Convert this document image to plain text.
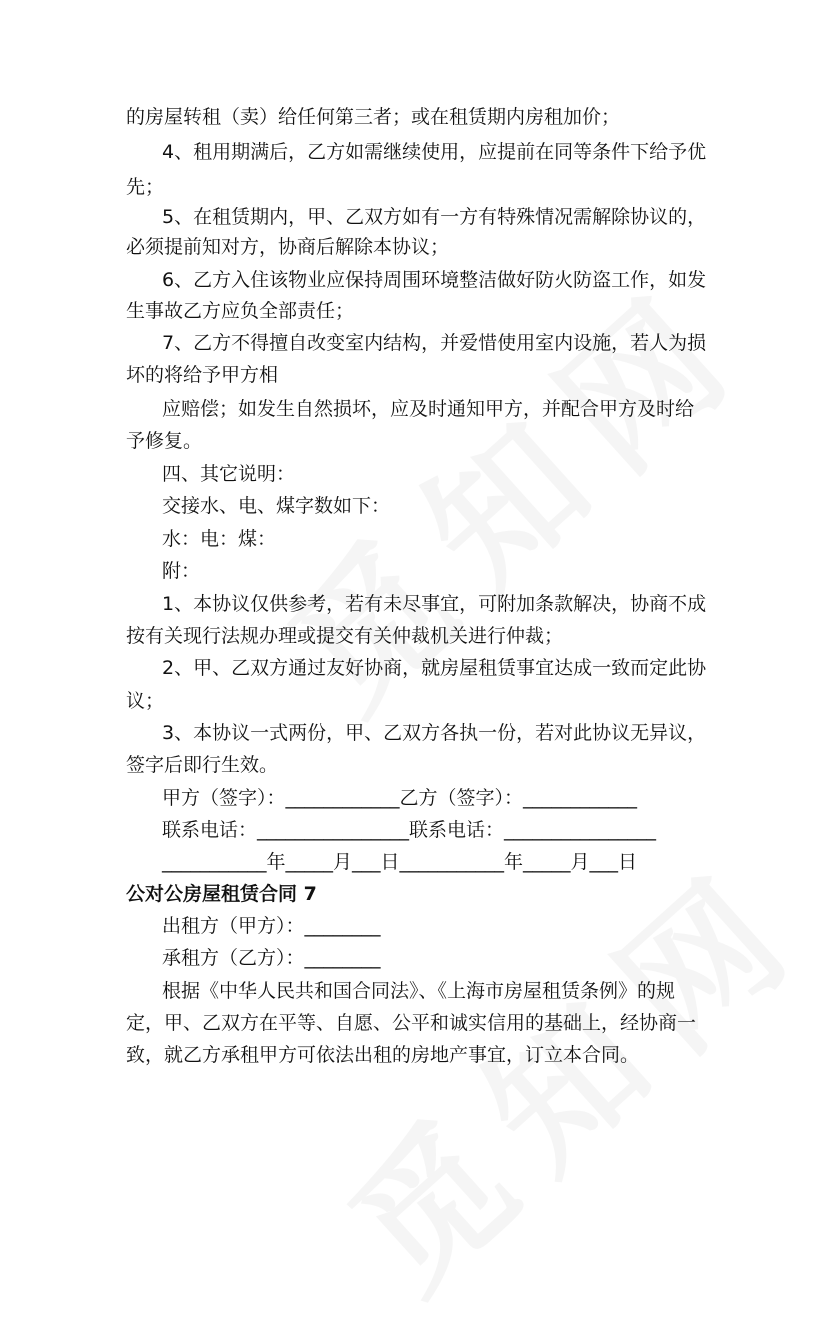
的房屋转租（卖）给任何第三者；或在租赁期内房租加价；
4、租用期满后，乙方如需继续使用，应提前在同等条件下给予优
先；
5、在租赁期内，甲、乙双方如有一方有特殊情况需解除协议的，
必须提前知对方，协商后解除本协议；
6、乙方入住该物业应保持周围环境整洁做好防火防盗工作，如发
生事故乙方应负全部责任；
7、乙方不得擅自改变室内结构，并爱惜使用室内设施，若人为损
坏的将给予甲方相
应赔偿；如发生自然损坏，应及时通知甲方，并配合甲方及时给
予修复。
四、其它说明：
交接水、电、煤字数如下：
水：电：煤：
附：
1、本协议仅供参考，若有未尽事宜，可附加条款解决，协商不成
按有关现行法规办理或提交有关仲裁机关进行仲裁；
2、甲、乙双方通过友好协商，就房屋租赁事宜达成一致而定此协
议；
3、本协议一式两份，甲、乙双方各执一份，若对此协议无异议，
签字后即行生效。
甲方（签字）：____________乙方（签字）：____________
联系电话：________________联系电话：________________
___________年_____月___日___________年_____月___日
公对公房屋租赁合同 7
出租方（甲方）：________
承租方（乙方）：________
根据《中华人民共和国合同法》、《上海市房屋租赁条例》的规
定，甲、乙双方在平等、自愿、公平和诚实信用的基础上，经协商一
致，就乙方承租甲方可依法出租的房地产事宜，订立本合同。
